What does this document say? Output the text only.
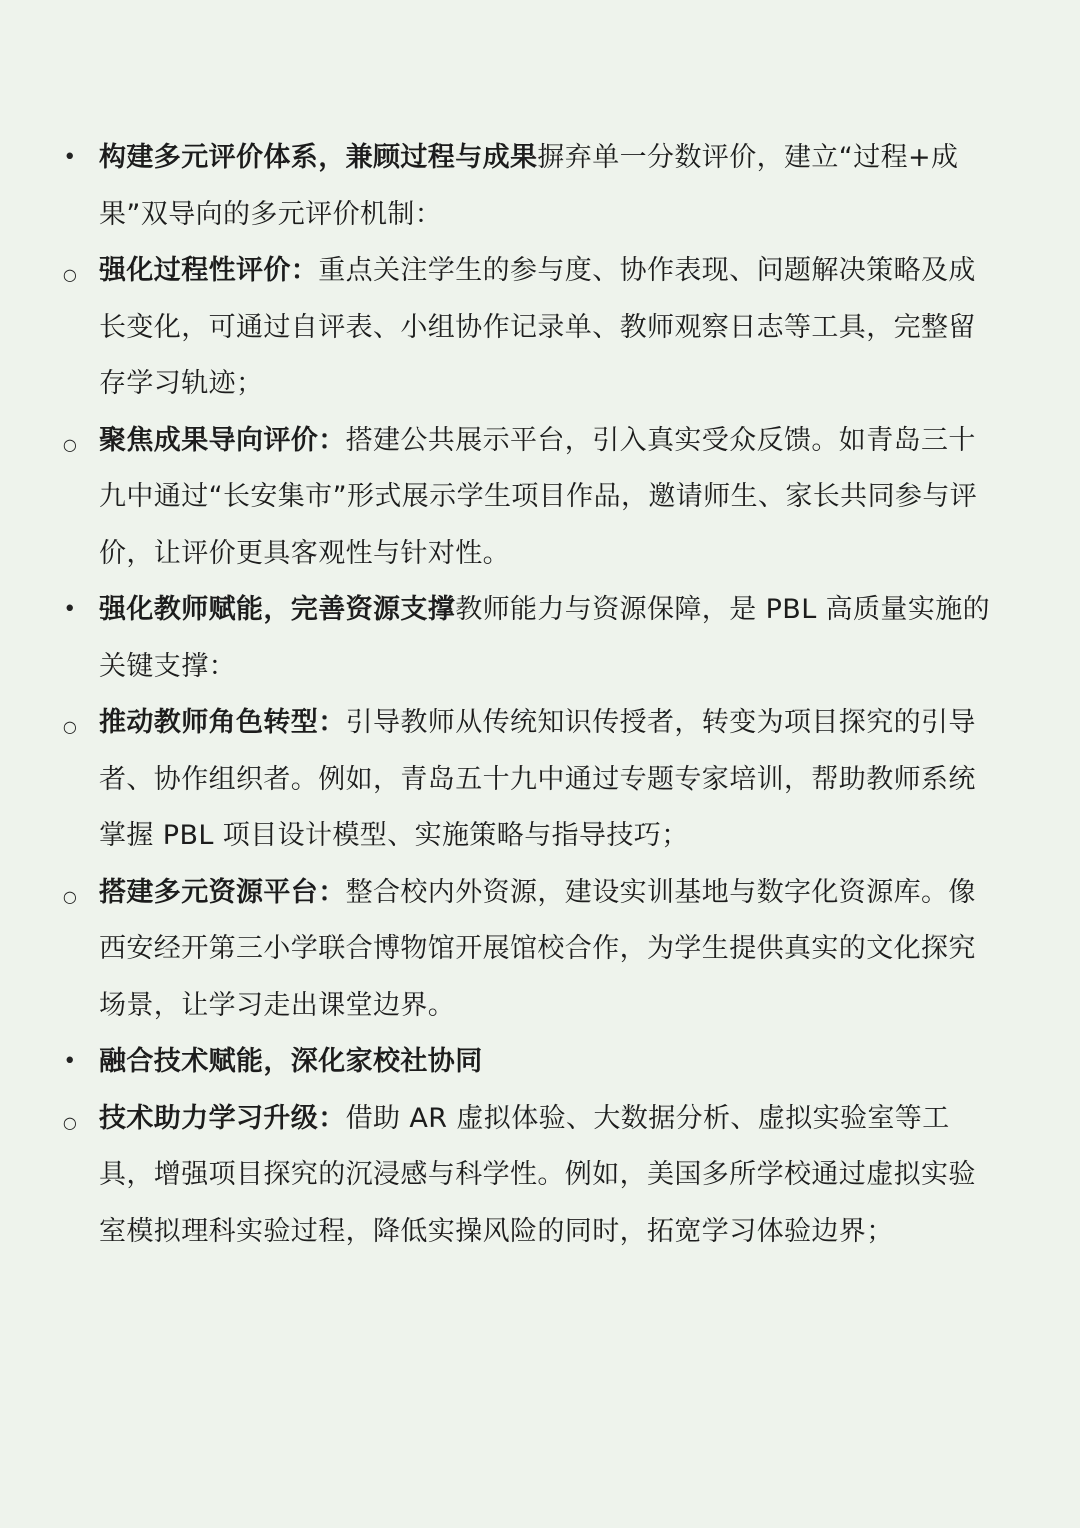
• 构建多元评价体系，兼顾过程与成果摒弃单一分数评价，建立“过程+成果”双导向的多元评价机制：

○ 强化过程性评价：重点关注学生的参与度、协作表现、问题解决策略及成长变化，可通过自评表、小组协作记录单、教师观察日志等工具，完整留存学习轨迹；

○ 聚焦成果导向评价：搭建公共展示平台，引入真实受众反馈。如青岛三十九中通过“长安集市”形式展示学生项目作品，邀请师生、家长共同参与评价，让评价更具客观性与针对性。

• 强化教师赋能，完善资源支撑教师能力与资源保障，是 PBL 高质量实施的关键支撑：

○ 推动教师角色转型：引导教师从传统知识传授者，转变为项目探究的引导者、协作组织者。例如，青岛五十九中通过专题专家培训，帮助教师系统掌握 PBL 项目设计模型、实施策略与指导技巧；

○ 搭建多元资源平台：整合校内外资源，建设实训基地与数字化资源库。像西安经开第三小学联合博物馆开展馆校合作，为学生提供真实的文化探究场景，让学习走出课堂边界。

• 融合技术赋能，深化家校社协同

○ 技术助力学习升级：借助 AR 虚拟体验、大数据分析、虚拟实验室等工具，增强项目探究的沉浸感与科学性。例如，美国多所学校通过虚拟实验室模拟理科实验过程，降低实操风险的同时，拓宽学习体验边界；
